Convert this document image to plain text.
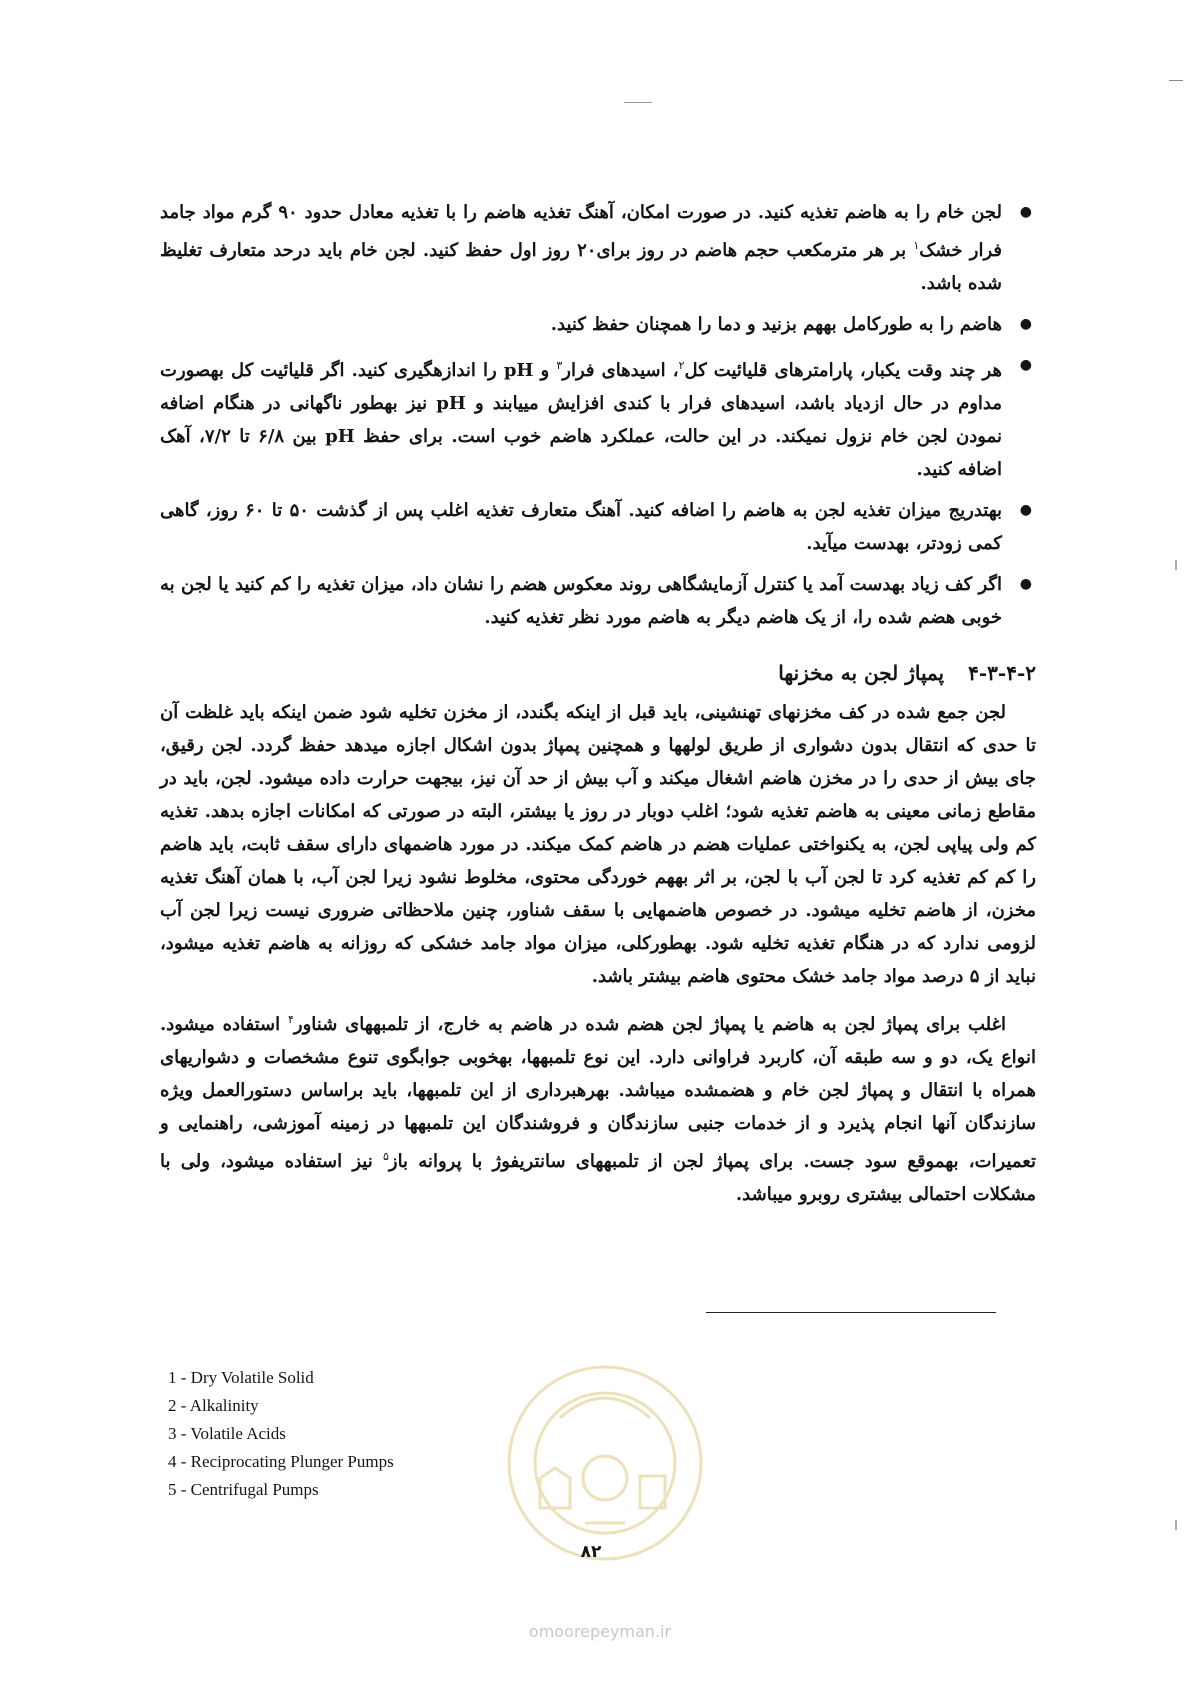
● لجن خام را به هاضم تغذیه کنید. در صورت امکان، آهنگ تغذیه هاضم را با تغذیه معادل حدود ۹۰ گرم مواد جامد فرار خشک$^۱$ بر هر مترمکعب حجم هاضم در روز برای۲۰ روز اول حفظ کنید. لجن خام باید درحد متعارف تغلیظ شده باشد.
● هاضم را به طورکامل بههم بزنید و دما را همچنان حفظ کنید.
● هر چند وقت یکبار، پارامترهای قلیائیت کل$^۲$، اسیدهای فرار$^۳$ و pH را اندازهگیری کنید. اگر قلیائیت کل بهصورت مداوم در حال ازدیاد باشد، اسیدهای فرار با کندی افزایش مییابند و pH نیز بهطور ناگهانی در هنگام اضافه نمودن لجن خام نزول نمیکند. در این حالت، عملکرد هاضم خوب است. برای حفظ pH بین ۶/۸ تا ۷/۲، آهک اضافه کنید.
● بهتدریج میزان تغذیه لجن به هاضم را اضافه کنید. آهنگ متعارف تغذیه اغلب پس از گذشت ۵۰ تا ۶۰ روز، گاهی کمی زودتر، بهدست میآید.
● اگر کف زیاد بهدست آمد یا کنترل آزمایشگاهی روند معکوس هضم را نشان داد، میزان تغذیه را کم کنید یا لجن به خوبی هضم شده را، از یک هاضم دیگر به هاضم مورد نظر تغذیه کنید.
۴-۳-۴-۲پمپاژ لجن به مخزنها

لجن جمع شده در کف مخزنهای تهنشینی، باید قبل از اینکه بگندد، از مخزن تخلیه شود ضمن اینکه باید غلظت آن تا حدی که انتقال بدون دشواری از طریق لولهها و همچنین پمپاژ بدون اشکال اجازه میدهد حفظ گردد. لجن رقیق، جای بیش از حدی را در مخزن هاضم اشغال میکند و آب بیش از حد آن نیز، بیجهت حرارت داده میشود. لجن، باید در مقاطع زمانی معینی به هاضم تغذیه شود؛ اغلب دوبار در روز یا بیشتر، البته در صورتی که امکانات اجازه بدهد. تغذیه کم ولی پیاپی لجن، به یکنواختی عملیات هضم در هاضم کمک میکند. در مورد هاضمهای دارای سقف ثابت، باید هاضم را کم کم تغذیه کرد تا لجن آب با لجن، بر اثر بههم خوردگی محتوی، مخلوط نشود زیرا لجن آب، با همان آهنگ تغذیه مخزن، از هاضم تخلیه میشود. در خصوص هاضمهایی با سقف شناور، چنین ملاحظاتی ضروری نیست زیرا لجن آب لزومی ندارد که در هنگام تغذیه تخلیه شود. بهطورکلی، میزان مواد جامد خشکی که روزانه به هاضم تغذیه میشود، نباید از ۵ درصد مواد جامد خشک محتوی هاضم بیشتر باشد.

اغلب برای پمپاژ لجن به هاضم یا پمپاژ لجن هضم شده در هاضم به خارج، از تلمبههای شناور$^۴$ استفاده میشود. انواع یک، دو و سه طبقه آن، کاربرد فراوانی دارد. این نوع تلمبهها، بهخوبی جوابگوی تنوع مشخصات و دشواریهای همراه با انتقال و پمپاژ لجن خام و هضمشده میباشد. بهرهبرداری از این تلمبهها، باید براساس دستورالعمل ویژه سازندگان آنها انجام پذیرد و از خدمات جنبی سازندگان و فروشندگان این تلمبهها در زمینه آموزشی، راهنمایی و تعمیرات، بهموقع سود جست. برای پمپاژ لجن از تلمبههای سانتریفوژ با پروانه باز$^۵$ نیز استفاده میشود، ولی با مشکلات احتمالی بیشتری روبرو میباشد.

1 - Dry Volatile Solid
2 - Alkalinity
3 - Volatile Acids
4 - Reciprocating Plunger Pumps
5 - Centrifugal Pumps
۸۲
omoorepeyman.ir
